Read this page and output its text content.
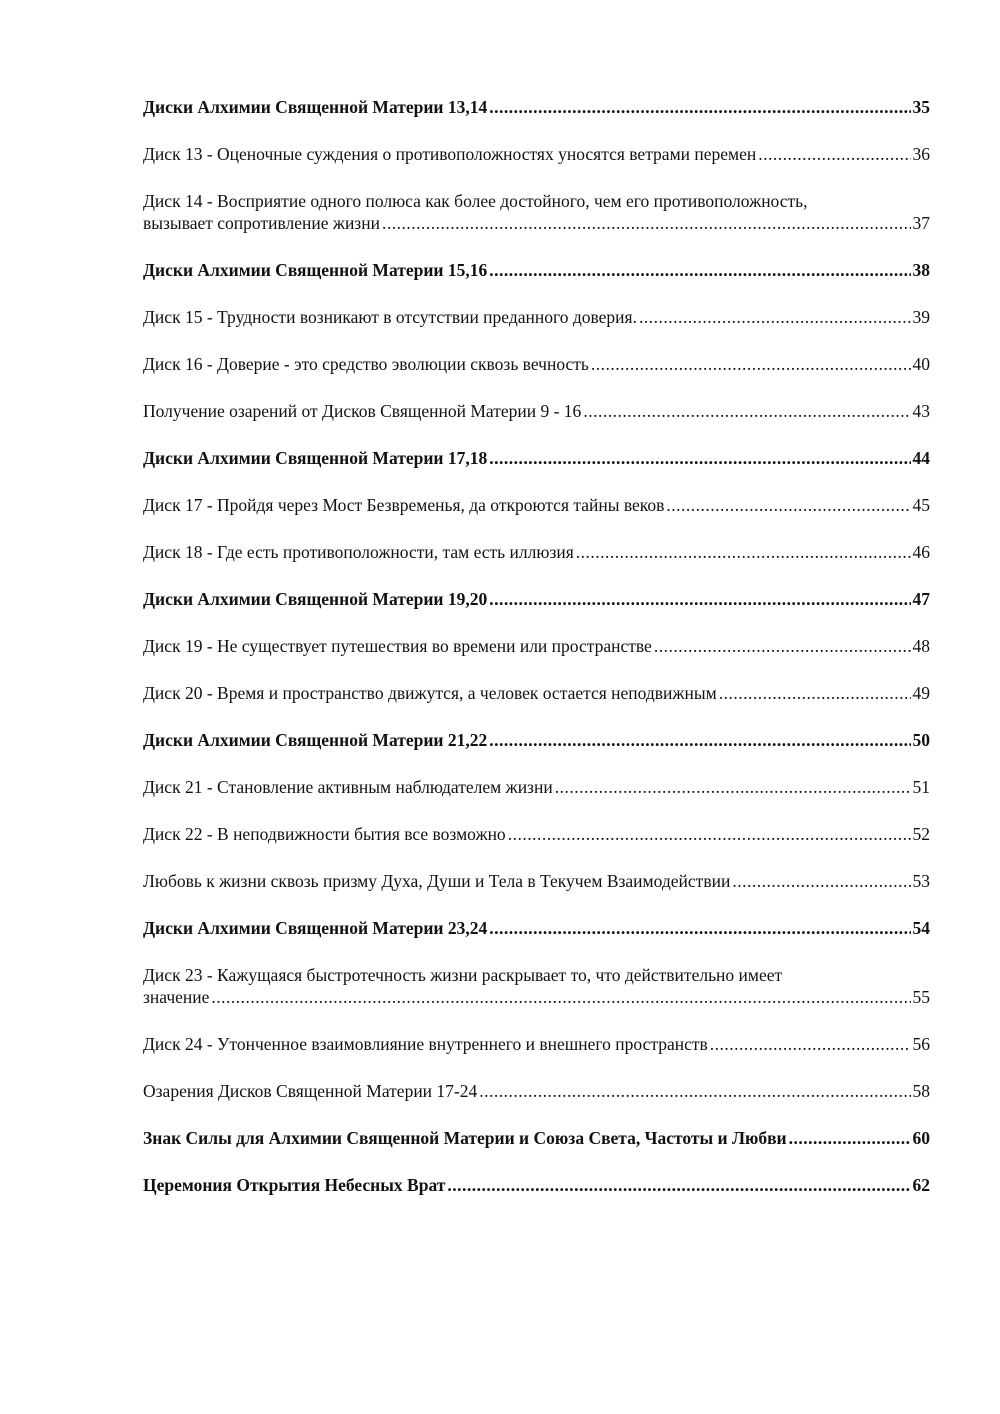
Диски Алхимии Священной Материи 13,14 .....	35
Диск 13 - Оценочные суждения о противоположностях уносятся ветрами перемен .....	36
Диск 14 - Восприятие одного полюса как более достойного, чем его противоположность,
вызывает сопротивление жизни .....	37
Диски Алхимии Священной Материи 15,16 .....	38
Диск 15 - Трудности возникают в отсутствии преданного доверия. .....	39
Диск 16 - Доверие - это средство эволюции сквозь вечность .....	40
Получение озарений от Дисков Священной Материи 9 - 16 .....	43
Диски Алхимии Священной Материи 17,18 .....	44
Диск 17 - Пройдя через Мост Безвременья, да откроются тайны веков .....	45
Диск 18 - Где есть противоположности, там есть иллюзия .....	46
Диски Алхимии Священной Материи 19,20 .....	47
Диск 19 - Не существует путешествия во времени или пространстве .....	48
Диск 20 - Время и пространство движутся, а человек остается неподвижным .....	49
Диски Алхимии Священной Материи 21,22 .....	50
Диск 21 - Становление активным наблюдателем жизни .....	51
Диск 22 - В неподвижности бытия все возможно .....	52
Любовь к жизни сквозь призму Духа, Души и Тела в Текучем Взаимодействии .....	53
Диски Алхимии Священной Материи 23,24 .....	54
Диск 23 - Кажущаяся быстротечность жизни раскрывает то, что действительно имеет
значение .....	55
Диск 24 - Утонченное взаимовлияние внутреннего и внешнего пространств .....	56
Озарения Дисков Священной Материи 17-24 .....	58
Знак Силы для Алхимии Священной Материи и Союза Света, Частоты и Любви .....	60
Церемония Открытия Небесных Врат .....	62
